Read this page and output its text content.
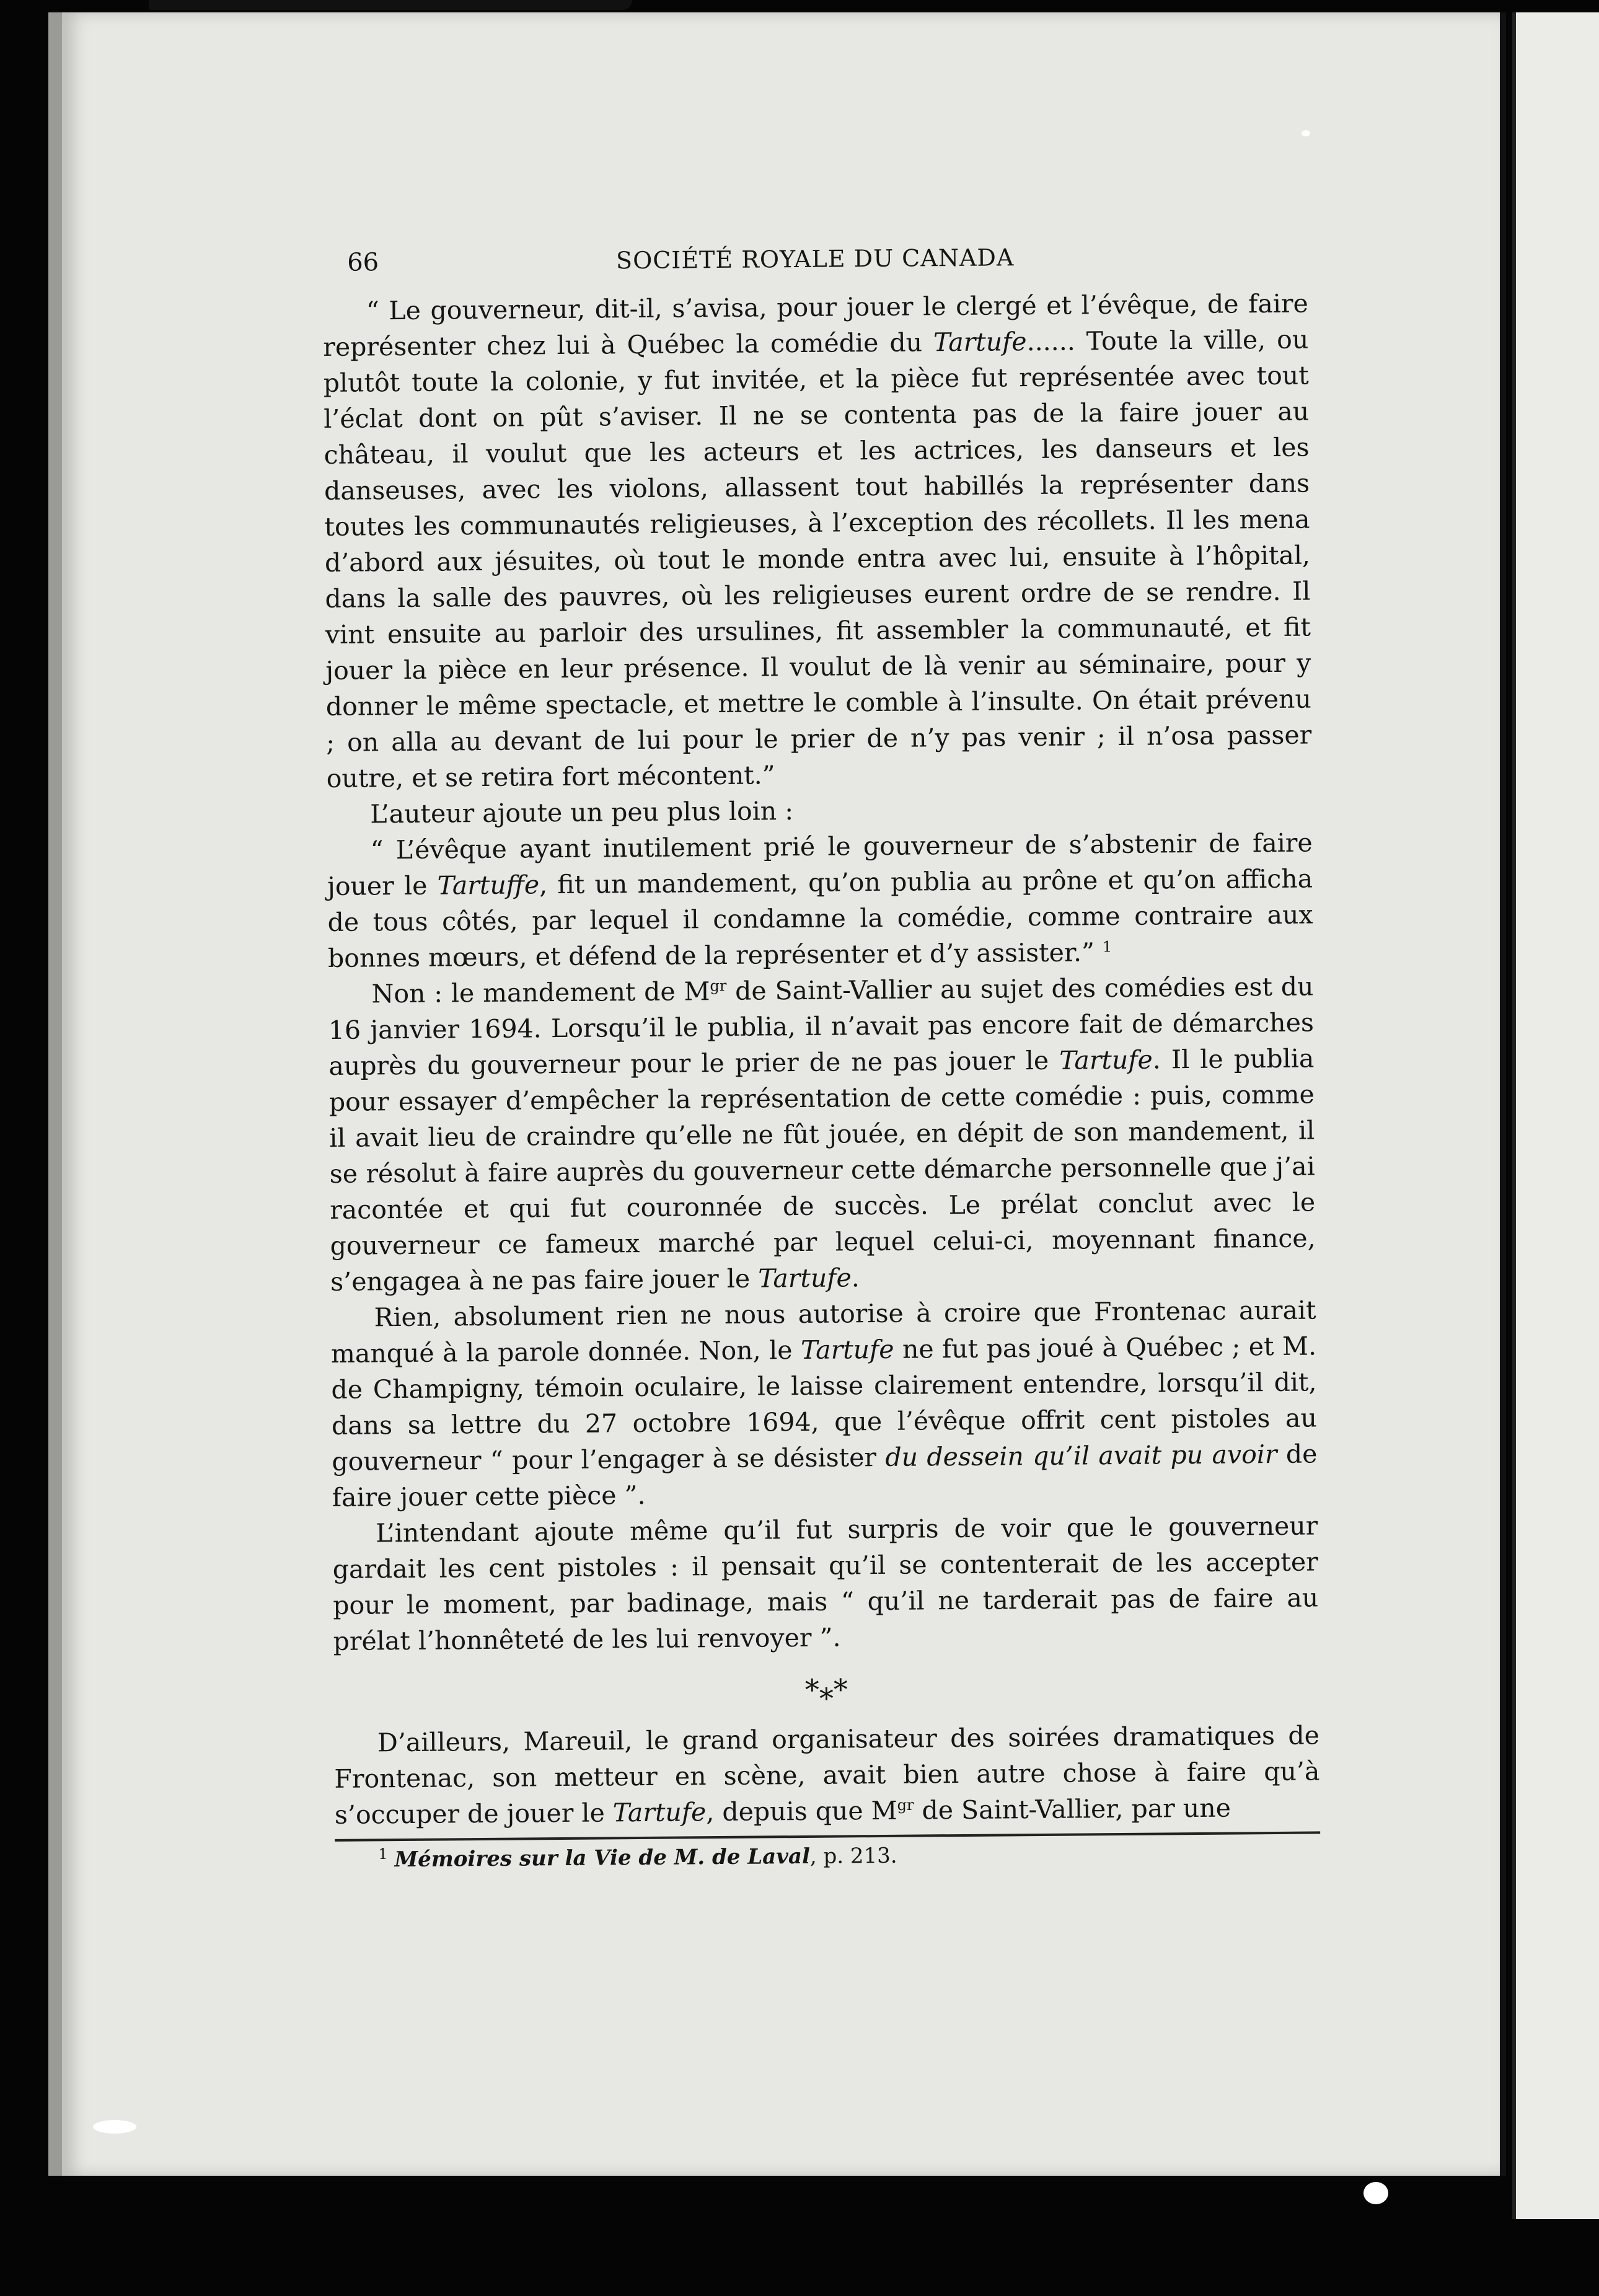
66	SOCIÉTÉ ROYALE DU CANADA

“ Le gouverneur, dit-il, s’avisa, pour jouer le clergé et l’évêque, de faire représenter chez lui à Québec la comédie du Tartufe...... Toute la ville, ou plutôt toute la colonie, y fut invitée, et la pièce fut représentée avec tout l’éclat dont on pût s’aviser. Il ne se contenta pas de la faire jouer au château, il voulut que les acteurs et les actrices, les danseurs et les danseuses, avec les violons, allassent tout habillés la représenter dans toutes les communautés religieuses, à l’exception des récollets. Il les mena d’abord aux jésuites, où tout le monde entra avec lui, ensuite à l’hôpital, dans la salle des pauvres, où les religieuses eurent ordre de se rendre. Il vint ensuite au parloir des ursulines, fit assembler la communauté, et fit jouer la pièce en leur présence. Il voulut de là venir au séminaire, pour y donner le même spectacle, et mettre le comble à l’insulte. On était prévenu ; on alla au devant de lui pour le prier de n’y pas venir ; il n’osa passer outre, et se retira fort mécontent.”

L’auteur ajoute un peu plus loin :

“ L’évêque ayant inutilement prié le gouverneur de s’abstenir de faire jouer le Tartuffe, fit un mandement, qu’on publia au prône et qu’on afficha de tous côtés, par lequel il condamne la comédie, comme contraire aux bonnes mœurs, et défend de la représenter et d’y assister.” $^1$

Non : le mandement de $M^{gr}$ de Saint-Vallier au sujet des comédies est du 16 janvier 1694. Lorsqu’il le publia, il n’avait pas encore fait de démarches auprès du gouverneur pour le prier de ne pas jouer le Tartufe. Il le publia pour essayer d’empêcher la représentation de cette comédie : puis, comme il avait lieu de craindre qu’elle ne fût jouée, en dépit de son mandement, il se résolut à faire auprès du gouverneur cette démarche personnelle que j’ai racontée et qui fut couronnée de succès. Le prélat conclut avec le gouverneur ce fameux marché par lequel celui-ci, moyennant finance, s’engagea à ne pas faire jouer le Tartufe.

Rien, absolument rien ne nous autorise à croire que Frontenac aurait manqué à la parole donnée. Non, le Tartufe ne fut pas joué à Québec ; et M. de Champigny, témoin oculaire, le laisse clairement entendre, lorsqu’il dit, dans sa lettre du 27 octobre 1694, que l’évêque offrit cent pistoles au gouverneur “ pour l’engager à se désister du dessein qu’il avait pu avoir de faire jouer cette pièce ”.

L’intendant ajoute même qu’il fut surpris de voir que le gouverneur gardait les cent pistoles : il pensait qu’il se contenterait de les accepter pour le moment, par badinage, mais “ qu’il ne tarderait pas de faire au prélat l’honnêteté de les lui renvoyer ”.

*⁎*

D’ailleurs, Mareuil, le grand organisateur des soirées dramatiques de Frontenac, son metteur en scène, avait bien autre chose à faire qu’à s’occuper de jouer le Tartufe, depuis que $M^{gr}$ de Saint-Vallier, par une

$^1$ Mémoires sur la Vie de M. de Laval, p. 213.
